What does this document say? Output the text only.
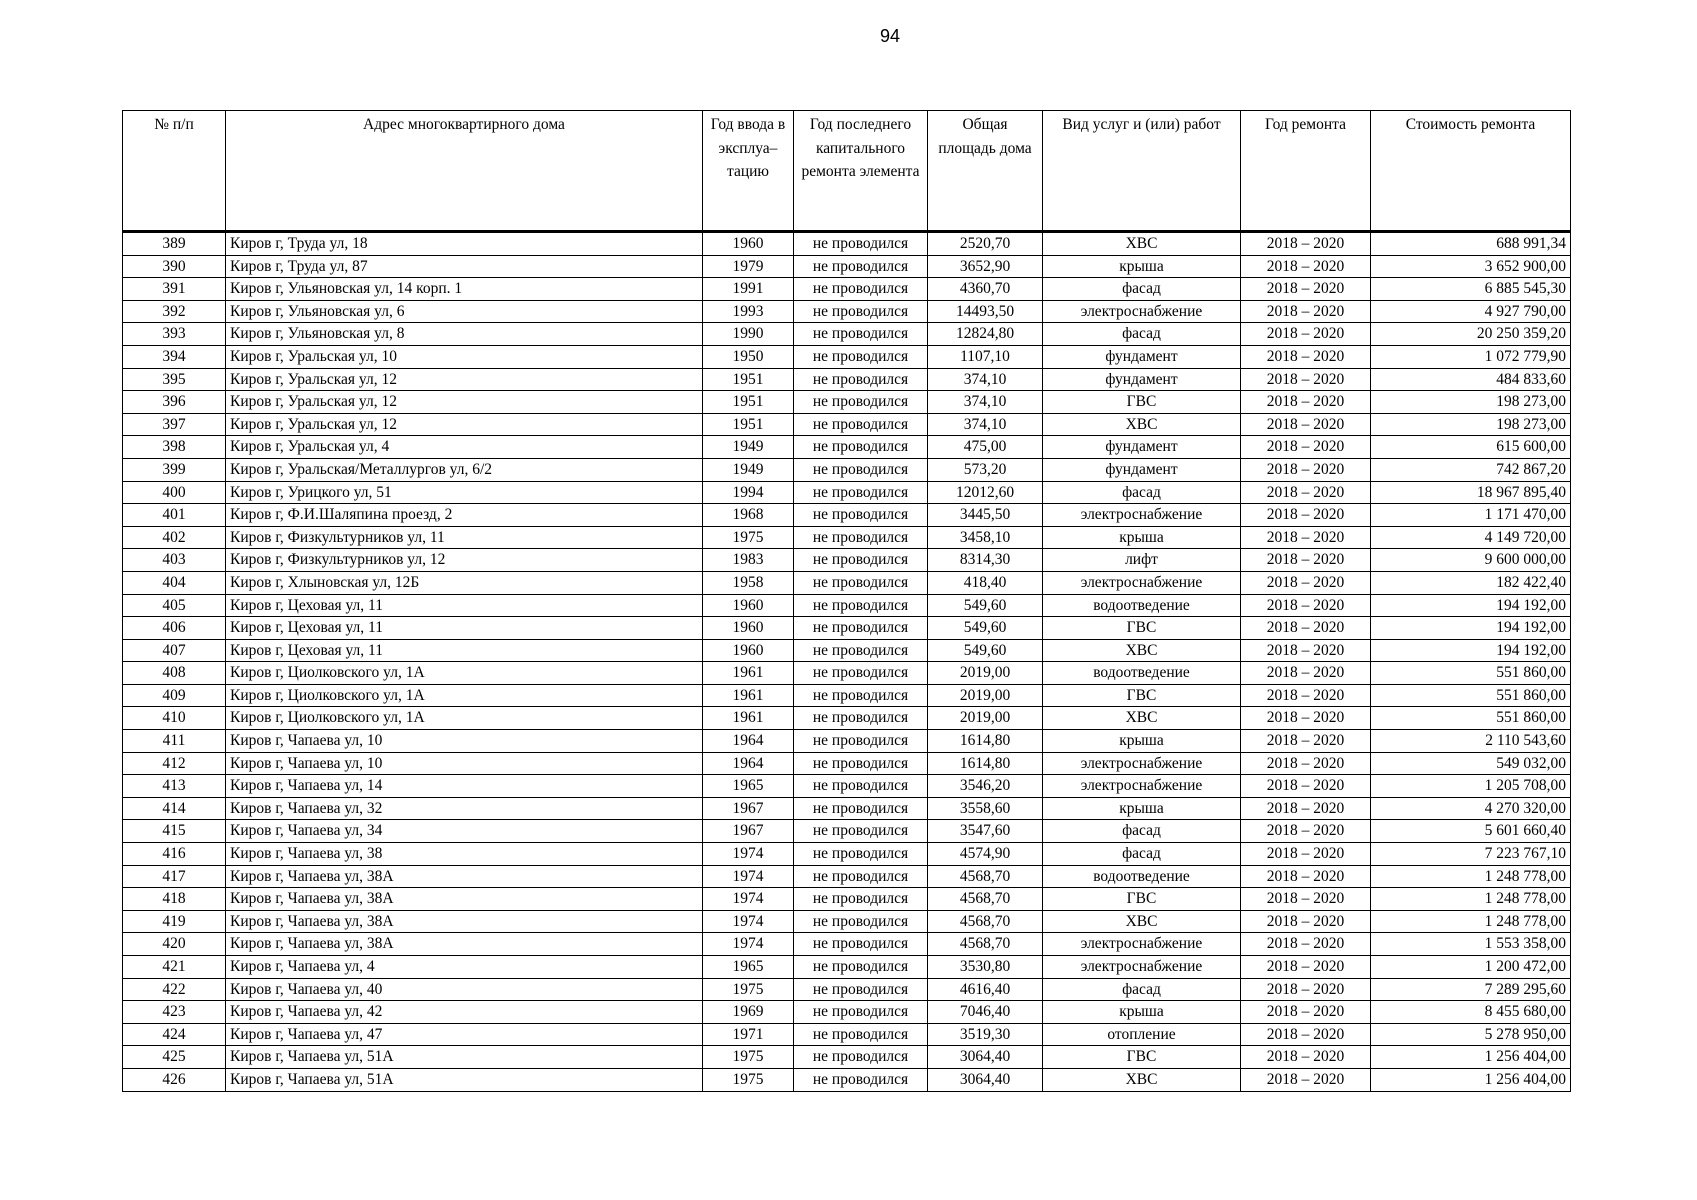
94
№ п/п	Адрес многоквартирного дома	Год ввода в эксплуа–тацию	Год последнего капитального ремонта элемента	Общая площадь дома	Вид услуг и (или) работ	Год ремонта	Стоимость ремонта
389	Киров г, Труда ул, 18	1960	не проводился	2520,70	ХВС	2018 – 2020	688 991,34
390	Киров г, Труда ул, 87	1979	не проводился	3652,90	крыша	2018 – 2020	3 652 900,00
391	Киров г, Ульяновская ул, 14 корп. 1	1991	не проводился	4360,70	фасад	2018 – 2020	6 885 545,30
392	Киров г, Ульяновская ул, 6	1993	не проводился	14493,50	электроснабжение	2018 – 2020	4 927 790,00
393	Киров г, Ульяновская ул, 8	1990	не проводился	12824,80	фасад	2018 – 2020	20 250 359,20
394	Киров г, Уральская ул, 10	1950	не проводился	1107,10	фундамент	2018 – 2020	1 072 779,90
395	Киров г, Уральская ул, 12	1951	не проводился	374,10	фундамент	2018 – 2020	484 833,60
396	Киров г, Уральская ул, 12	1951	не проводился	374,10	ГВС	2018 – 2020	198 273,00
397	Киров г, Уральская ул, 12	1951	не проводился	374,10	ХВС	2018 – 2020	198 273,00
398	Киров г, Уральская ул, 4	1949	не проводился	475,00	фундамент	2018 – 2020	615 600,00
399	Киров г, Уральская/Металлургов ул, 6/2	1949	не проводился	573,20	фундамент	2018 – 2020	742 867,20
400	Киров г, Урицкого ул, 51	1994	не проводился	12012,60	фасад	2018 – 2020	18 967 895,40
401	Киров г, Ф.И.Шаляпина проезд, 2	1968	не проводился	3445,50	электроснабжение	2018 – 2020	1 171 470,00
402	Киров г, Физкультурников ул, 11	1975	не проводился	3458,10	крыша	2018 – 2020	4 149 720,00
403	Киров г, Физкультурников ул, 12	1983	не проводился	8314,30	лифт	2018 – 2020	9 600 000,00
404	Киров г, Хлыновская ул, 12Б	1958	не проводился	418,40	электроснабжение	2018 – 2020	182 422,40
405	Киров г, Цеховая ул, 11	1960	не проводился	549,60	водоотведение	2018 – 2020	194 192,00
406	Киров г, Цеховая ул, 11	1960	не проводился	549,60	ГВС	2018 – 2020	194 192,00
407	Киров г, Цеховая ул, 11	1960	не проводился	549,60	ХВС	2018 – 2020	194 192,00
408	Киров г, Циолковского ул, 1А	1961	не проводился	2019,00	водоотведение	2018 – 2020	551 860,00
409	Киров г, Циолковского ул, 1А	1961	не проводился	2019,00	ГВС	2018 – 2020	551 860,00
410	Киров г, Циолковского ул, 1А	1961	не проводился	2019,00	ХВС	2018 – 2020	551 860,00
411	Киров г, Чапаева ул, 10	1964	не проводился	1614,80	крыша	2018 – 2020	2 110 543,60
412	Киров г, Чапаева ул, 10	1964	не проводился	1614,80	электроснабжение	2018 – 2020	549 032,00
413	Киров г, Чапаева ул, 14	1965	не проводился	3546,20	электроснабжение	2018 – 2020	1 205 708,00
414	Киров г, Чапаева ул, 32	1967	не проводился	3558,60	крыша	2018 – 2020	4 270 320,00
415	Киров г, Чапаева ул, 34	1967	не проводился	3547,60	фасад	2018 – 2020	5 601 660,40
416	Киров г, Чапаева ул, 38	1974	не проводился	4574,90	фасад	2018 – 2020	7 223 767,10
417	Киров г, Чапаева ул, 38А	1974	не проводился	4568,70	водоотведение	2018 – 2020	1 248 778,00
418	Киров г, Чапаева ул, 38А	1974	не проводился	4568,70	ГВС	2018 – 2020	1 248 778,00
419	Киров г, Чапаева ул, 38А	1974	не проводился	4568,70	ХВС	2018 – 2020	1 248 778,00
420	Киров г, Чапаева ул, 38А	1974	не проводился	4568,70	электроснабжение	2018 – 2020	1 553 358,00
421	Киров г, Чапаева ул, 4	1965	не проводился	3530,80	электроснабжение	2018 – 2020	1 200 472,00
422	Киров г, Чапаева ул, 40	1975	не проводился	4616,40	фасад	2018 – 2020	7 289 295,60
423	Киров г, Чапаева ул, 42	1969	не проводился	7046,40	крыша	2018 – 2020	8 455 680,00
424	Киров г, Чапаева ул, 47	1971	не проводился	3519,30	отопление	2018 – 2020	5 278 950,00
425	Киров г, Чапаева ул, 51А	1975	не проводился	3064,40	ГВС	2018 – 2020	1 256 404,00
426	Киров г, Чапаева ул, 51А	1975	не проводился	3064,40	ХВС	2018 – 2020	1 256 404,00
